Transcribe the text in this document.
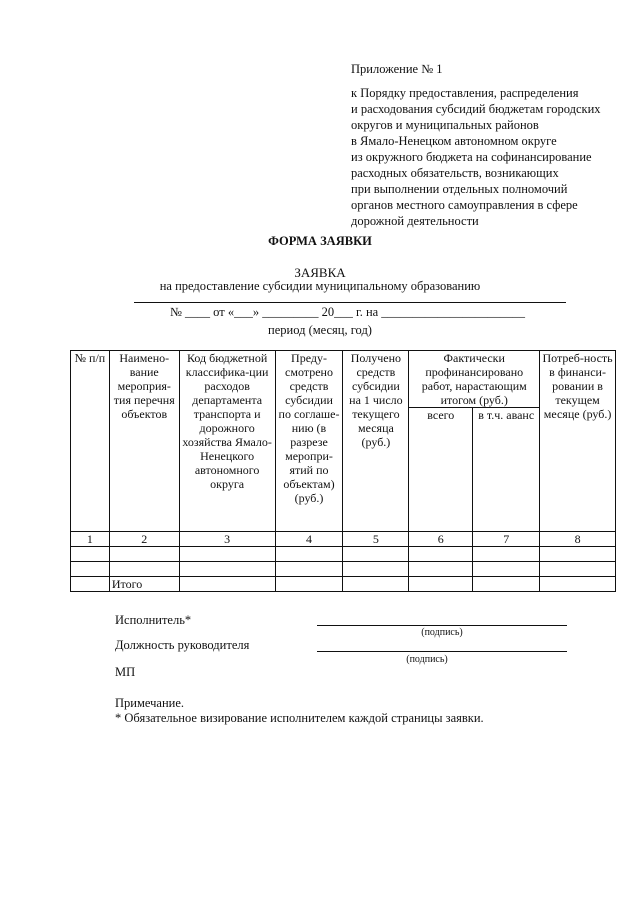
Приложение № 1
к Порядку предоставления, распределения
и расходования субсидий бюджетам городских
округов и муниципальных районов
в Ямало-Ненецком автономном округе
из окружного бюджета на софинансирование
расходных обязательств, возникающих
при выполнении отдельных полномочий
органов местного самоуправления в сфере
дорожной деятельности
ФОРМА ЗАЯВКИ
ЗАЯВКА
на предоставление субсидии муниципальному образованию
№ ____ от «___» _________ 20___ г. на _______________________
период (месяц, год)
№ п/п	Наимено-вание мероприя-тия перечня объектов	Код бюджетной классифика-ции расходов департамента транспорта и дорожного хозяйства Ямало-Ненецкого автономного округа	Преду-смотрено средств субсидии по соглаше-нию (в разрезе меропри-ятий по объектам) (руб.)	Получено средств субсидии на 1 число текущего месяца (руб.)	Фактически профинансировано работ, нарастающим итогом (руб.)		Потреб-ность в финанси-ровании в текущем месяце (руб.)
					всего	в т.ч. аванс	
1	2	3	4	5	6	7	8

	Итого						
Исполнитель*
(подпись)
Должность руководителя
(подпись)
МП
Примечание.
* Обязательное визирование исполнителем каждой страницы заявки.
